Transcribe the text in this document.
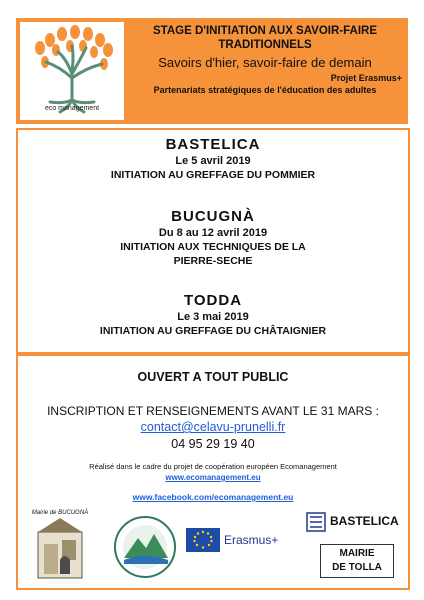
eco management
STAGE D'INITIATION AUX SAVOIR-FAIRE
TRADITIONNELS
Savoirs d'hier, savoir-faire de demain
Projet Erasmus+
Partenariats stratégiques de l'éducation des adultes
BASTELICA
Le 5 avril 2019
INITIATION AU GREFFAGE DU POMMIER
BUCUGNÀ
Du 8 au 12 avril 2019
INITIATION AUX TECHNIQUES DE LA
PIERRE-SECHE
TODDA
Le 3 mai 2019
INITIATION AU GREFFAGE DU CHÂTAIGNIER
OUVERT A TOUT PUBLIC
INSCRIPTION ET RENSEIGNEMENTS AVANT LE 31 MARS :
contact@celavu-prunelli.fr
04 95 29 19 40
Réalisé dans le cadre du projet de coopération européen Ecomanagement
www.ecomanagement.eu
www.facebook.com/ecomanagement.eu
Mairie de BUCUGNÀ
Erasmus+
BASTELICA
MAIRIE
DE TOLLA
